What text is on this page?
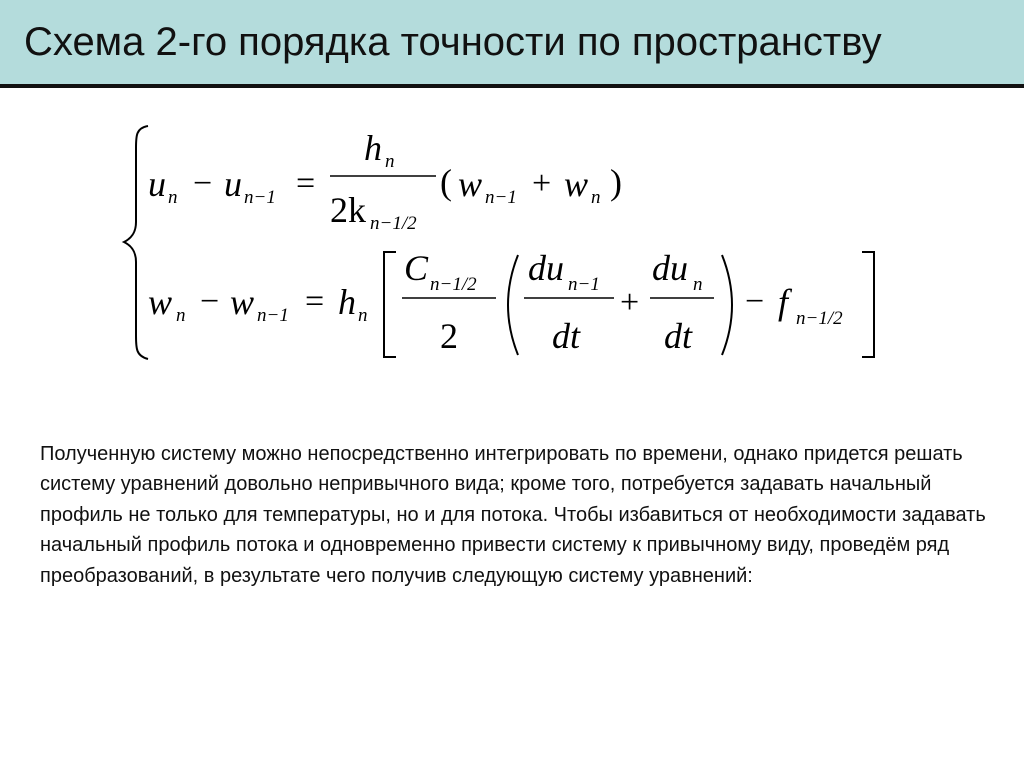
Схема 2-го порядка точности по пространству
u n − u n−1 =
h n
2k n−1/2
( w n−1 + w n )
w n − w n−1 = h n
C n−1/2
2
du n−1
dt
+
du n
dt
− f n−1/2

Полученную систему можно непосредственно интегрировать по времени, однако придется решать систему уравнений довольно непривычного вида; кроме того, потребуется задавать начальный профиль не только для температуры, но и для потока. Чтобы избавиться от необходимости задавать начальный профиль потока и одновременно привести систему к привычному виду, проведём ряд преобразований, в результате чего получив следующую систему уравнений:
